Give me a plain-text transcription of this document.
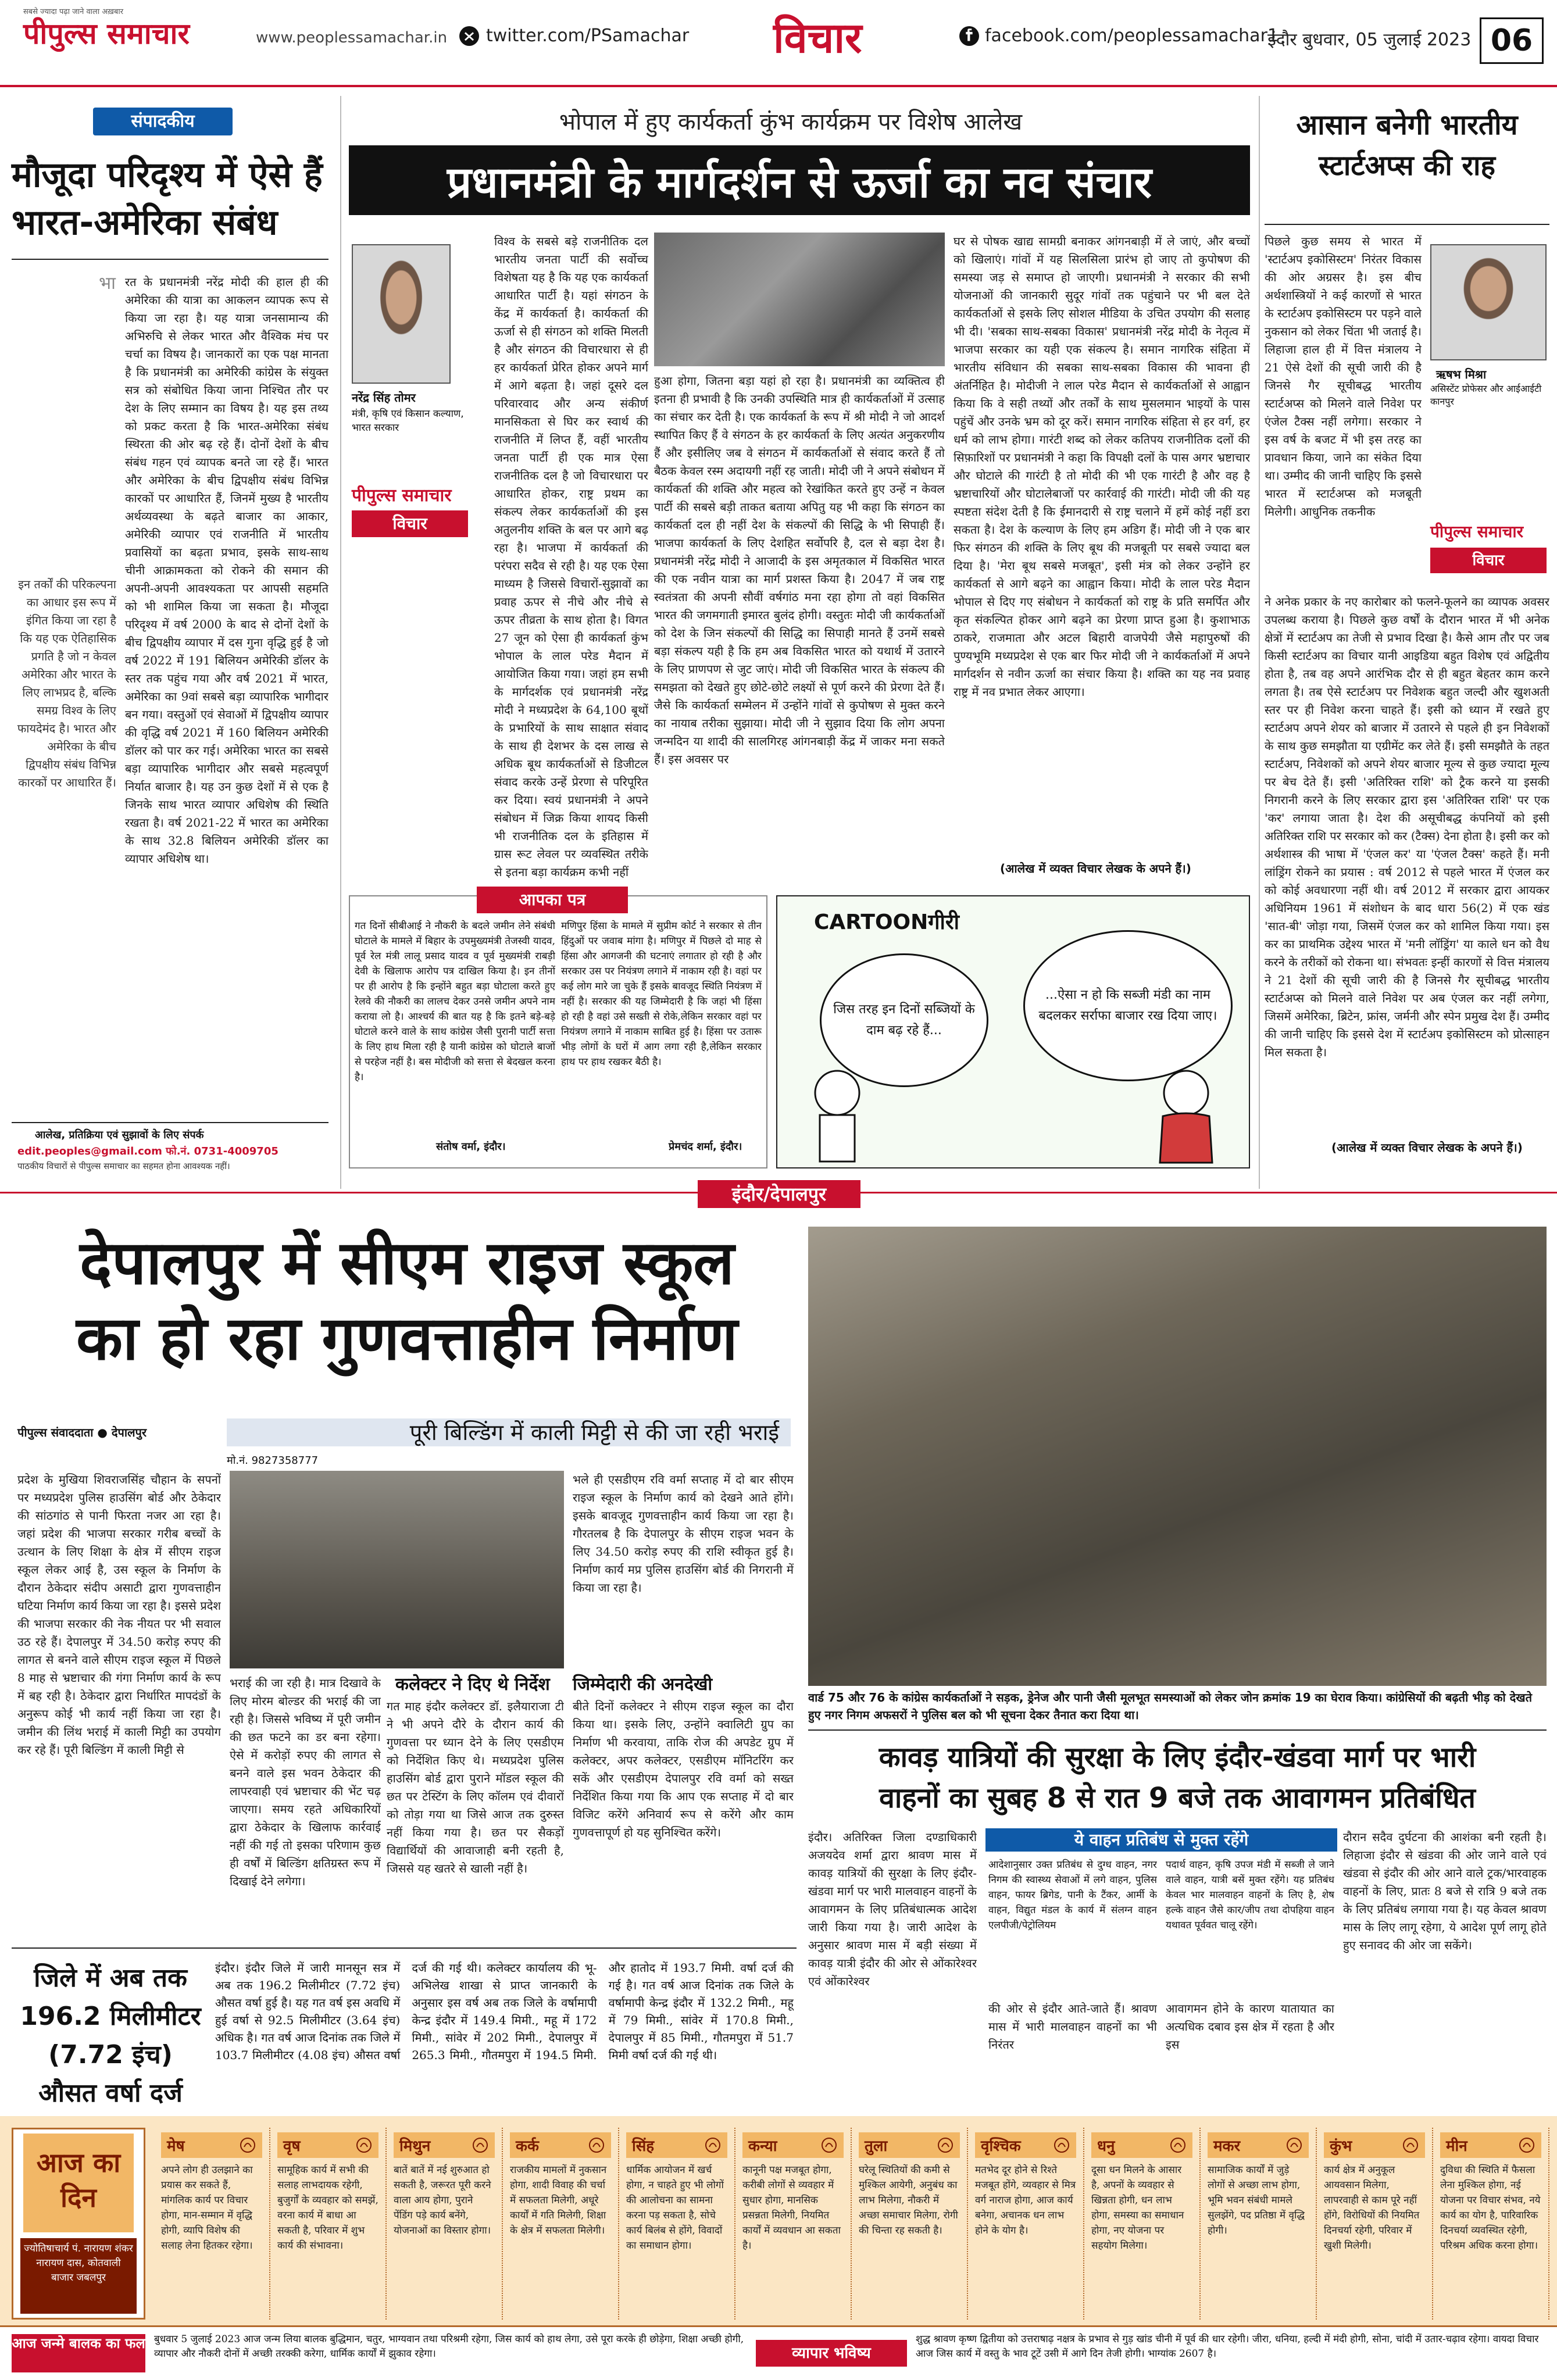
सबसे ज्यादा पढ़ा जाने वाला अख़बार
पीपुल्स समाचार	www.peoplessamachar.in twitter.com/PSamachar विचार	facebook.com/peoplessamachar1
इंदौर बुधवार, 05 जुलाई 2023 06
संपादकीय
मौजूदा परिदृश्य में ऐसे हैं भारत-अमेरिका संबंध
भा रत के प्रधानमंत्री नरेंद्र मोदी की हाल ही की अमेरिका की यात्रा का आकलन व्यापक रूप से किया जा रहा है। यह यात्रा जनसामान्य की अभिरुचि से लेकर भारत और वैश्विक मंच पर चर्चा का विषय है। जानकारों का एक पक्ष मानता है कि प्रधानमंत्री का अमेरिकी कांग्रेस के संयुक्त सत्र को संबोधित किया जाना निश्चित तौर पर देश के लिए सम्मान का विषय है। यह इस तथ्य को प्रकट करता है कि भारत-अमेरिका संबंध स्थिरता की ओर बढ़ रहे हैं। दोनों देशों के बीच संबंध गहन एवं व्यापक बनते जा रहे हैं। भारत और अमेरिका के बीच द्विपक्षीय संबंध विभिन्न कारकों पर आधारित हैं, जिनमें मुख्य है भारतीय अर्थव्यवस्था के बढ़ते बाजार का आकार, अमेरिकी व्यापार एवं राजनीति में भारतीय प्रवासियों का बढ़ता प्रभाव, इसके साथ-साथ चीनी आक्रामकता को रोकने की समान की अपनी-अपनी आवश्यकता पर आपसी सहमति को भी शामिल किया जा सकता है। मौजूदा परिदृश्य में वर्ष 2000 के बाद से दोनों देशों के बीच द्विपक्षीय व्यापार में दस गुना वृद्धि हुई है जो वर्ष 2022 में 191 बिलियन अमेरिकी डॉलर के स्तर तक पहुंच गया और वर्ष 2021 में भारत, अमेरिका का 9वां सबसे बड़ा व्यापारिक भागीदार बन गया। वस्तुओं एवं सेवाओं में द्विपक्षीय व्यापार की वृद्धि वर्ष 2021 में 160 बिलियन अमेरिकी डॉलर को पार कर गई। अमेरिका भारत का सबसे बड़ा व्यापारिक भागीदार और सबसे महत्वपूर्ण निर्यात बाजार है। यह उन कुछ देशों में से एक है जिनके साथ भारत व्यापार अधिशेष की स्थिति रखता है। वर्ष 2021-22 में भारत का अमेरिका के साथ 32.8 बिलियन अमेरिकी डॉलर का व्यापार अधिशेष था।
इन तर्कों की परिकल्पना का आधार इस रूप में इंगित किया जा रहा है कि यह एक ऐतिहासिक प्रगति है जो न केवल अमेरिका और भारत के लिए लाभप्रद है, बल्कि समग्र विश्व के लिए फायदेमंद है। भारत और अमेरिका के बीच द्विपक्षीय संबंध विभिन्न कारकों पर आधारित हैं।
आलेख, प्रतिक्रिया एवं सुझावों के लिए संपर्क
edit.peoples@gmail.com फो.नं. 0731-4009705
पाठकीय विचारों से पीपुल्स समाचार का सहमत होना आवश्यक नहीं।
भोपाल में हुए कार्यकर्ता कुंभ कार्यक्रम पर विशेष आलेख
प्रधानमंत्री के मार्गदर्शन से ऊर्जा का नव संचार
नरेंद्र सिंह तोमर
मंत्री, कृषि एवं किसान कल्याण, भारत सरकार
पीपुल्स समाचार
विचार
विश्व के सबसे बड़े राजनीतिक दल भारतीय जनता पार्टी की सर्वोच्च विशेषता यह है कि यह एक कार्यकर्ता आधारित पार्टी है। यहां संगठन के केंद्र में कार्यकर्ता है। कार्यकर्ता की ऊर्जा से ही संगठन को शक्ति मिलती है और संगठन की विचारधारा से ही हर कार्यकर्ता प्रेरित होकर अपने मार्ग में आगे बढ़ता है। जहां दूसरे दल परिवारवाद और अन्य संकीर्ण मानसिकता से घिर कर स्वार्थ की राजनीति में लिप्त हैं, वहीं भारतीय जनता पार्टी ही एक मात्र ऐसा राजनीतिक दल है जो विचारधारा पर आधारित होकर, राष्ट्र प्रथम का संकल्प लेकर कार्यकर्ताओं की इस अतुलनीय शक्ति के बल पर आगे बढ़ रहा है। भाजपा में कार्यकर्ता की परंपरा सदैव से रही है। यह एक ऐसा माध्यम है जिससे विचारों-सुझावों का प्रवाह ऊपर से नीचे और नीचे से ऊपर तीव्रता के साथ होता है। विगत 27 जून को ऐसा ही कार्यकर्ता कुंभ भोपाल के लाल परेड मैदान में आयोजित किया गया। जहां हम सभी के मार्गदर्शक एवं प्रधानमंत्री नरेंद्र मोदी ने मध्यप्रदेश के 64,100 बूथों के प्रभारियों के साथ साक्षात संवाद के साथ ही देशभर के दस लाख से अधिक बूथ कार्यकर्ताओं से डिजीटल संवाद करके उन्हें प्रेरणा से परिपूरित कर दिया। स्वयं प्रधानमंत्री ने अपने संबोधन में जिक्र किया शायद किसी भी राजनीतिक दल के इतिहास में ग्रास रूट लेवल पर व्यवस्थित तरीके से इतना बड़ा कार्यक्रम कभी नहीं
हुआ होगा, जितना बड़ा यहां हो रहा है। प्रधानमंत्री का व्यक्तित्व ही इतना ही प्रभावी है कि उनकी उपस्थिति मात्र ही कार्यकर्ताओं में उत्साह का संचार कर देती है। एक कार्यकर्ता के रूप में श्री मोदी ने जो आदर्श स्थापित किए हैं वे संगठन के हर कार्यकर्ता के लिए अत्यंत अनुकरणीय हैं और इसीलिए जब वे संगठन में कार्यकर्ताओं से संवाद करते हैं तो बैठक केवल रस्म अदायगी नहीं रह जाती। मोदी जी ने अपने संबोधन में कार्यकर्ता की शक्ति और महत्व को रेखांकित करते हुए उन्हें न केवल पार्टी की सबसे बड़ी ताकत बताया अपितु यह भी कहा कि संगठन का कार्यकर्ता दल ही नहीं देश के संकल्पों की सिद्धि के भी सिपाही हैं। भाजपा कार्यकर्ता के लिए देशहित सर्वोपरि है, दल से बड़ा देश है। प्रधानमंत्री नरेंद्र मोदी ने आजादी के इस अमृतकाल में विकसित भारत की एक नवीन यात्रा का मार्ग प्रशस्त किया है। 2047 में जब राष्ट्र स्वतंत्रता की अपनी सौवीं वर्षगांठ मना रहा होगा तो वहां विकसित भारत की जगमगाती इमारत बुलंद होगी। वस्तुतः मोदी जी कार्यकर्ताओं को देश के जिन संकल्पों की सिद्धि का सिपाही मानते हैं उनमें सबसे बड़ा संकल्प यही है कि हम अब विकसित भारत को यथार्थ में उतारने के लिए प्राणपण से जुट जाएं। मोदी जी विकसित भारत के संकल्प की समझता को देखते हुए छोटे-छोटे लक्ष्यों से पूर्ण करने की प्रेरणा देते हैं। जैसे कि कार्यकर्ता सम्मेलन में उन्होंने गांवों से कुपोषण से मुक्त करने का नायाब तरीका सुझाया। मोदी जी ने सुझाव दिया कि लोग अपना जन्मदिन या शादी की सालगिरह आंगनबाड़ी केंद्र में जाकर मना सकते हैं। इस अवसर पर
घर से पोषक खाद्य सामग्री बनाकर आंगनबाड़ी में ले जाएं, और बच्चों को खिलाएं। गांवों में यह सिलसिला प्रारंभ हो जाए तो कुपोषण की समस्या जड़ से समाप्त हो जाएगी। प्रधानमंत्री ने सरकार की सभी योजनाओं की जानकारी सुदूर गांवों तक पहुंचाने पर भी बल देते कार्यकर्ताओं से इसके लिए सोशल मीडिया के उचित उपयोग की सलाह भी दी। 'सबका साथ-सबका विकास' प्रधानमंत्री नरेंद्र मोदी के नेतृत्व में भाजपा सरकार का यही एक संकल्प है। समान नागरिक संहिता में भारतीय संविधान की सबका साथ-सबका विकास की भावना ही अंतर्निहित है। मोदीजी ने लाल परेड मैदान से कार्यकर्ताओं से आह्वान किया कि वे सही तथ्यों और तर्कों के साथ मुसलमान भाइयों के पास पहुंचें और उनके भ्रम को दूर करें। समान नागरिक संहिता से हर वर्ग, हर धर्म को लाभ होगा। गारंटी शब्द को लेकर कतिपय राजनीतिक दलों की सिफ़ारिशों पर प्रधानमंत्री ने कहा कि विपक्षी दलों के पास अगर भ्रष्टाचार और घोटाले की गारंटी है तो मोदी की भी एक गारंटी है और वह है भ्रष्टाचारियों और घोटालेबाजों पर कार्रवाई की गारंटी। मोदी जी की यह स्पष्टता संदेश देती है कि ईमानदारी से राष्ट्र चलाने में हमें कोई नहीं डरा सकता है। देश के कल्याण के लिए हम अडिग हैं। मोदी जी ने एक बार फिर संगठन की शक्ति के लिए बूथ की मजबूती पर सबसे ज्यादा बल दिया है। 'मेरा बूथ सबसे मजबूत', इसी मंत्र को लेकर उन्होंने हर कार्यकर्ता से आगे बढ़ने का आह्वान किया। मोदी के लाल परेड मैदान भोपाल से दिए गए संबोधन ने कार्यकर्ता को राष्ट्र के प्रति समर्पित और कृत संकल्पित होकर आगे बढ़ने का प्रेरणा प्राप्त हुआ है। कुशाभाऊ ठाकरे, राजमाता और अटल बिहारी वाजपेयी जैसे महापुरुषों की पुण्यभूमि मध्यप्रदेश से एक बार फिर मोदी जी ने कार्यकर्ताओं में अपने मार्गदर्शन से नवीन ऊर्जा का संचार किया है। शक्ति का यह नव प्रवाह राष्ट्र में नव प्रभात लेकर आएगा।
(आलेख में व्यक्त विचार लेखक के अपने हैं।)
आसान बनेगी भारतीय स्टार्टअप्स की राह
पिछले कुछ समय से भारत में 'स्टार्टअप इकोसिस्टम' निरंतर विकास की ओर अग्रसर है। इस बीच अर्थशास्त्रियों ने कई कारणों से भारत के स्टार्टअप इकोसिस्टम पर पड़ने वाले नुकसान को लेकर चिंता भी जताई है। लिहाजा हाल ही में वित्त मंत्रालय ने 21 ऐसे देशों की सूची जारी की है जिनसे गैर सूचीबद्ध भारतीय स्टार्टअप्स को मिलने वाले निवेश पर एंजेल टैक्स नहीं लगेगा। सरकार ने इस वर्ष के बजट में भी इस तरह का प्रावधान किया, जाने का संकेत दिया था। उम्मीद की जानी चाहिए कि इससे भारत में स्टार्टअप्स को मजबूती मिलेगी। आधुनिक तकनीक
ऋषभ मिश्रा
असिस्टेंट प्रोफेसर और आईआईटी कानपुर
पीपुल्स समाचार
विचार
ने अनेक प्रकार के नए कारोबार को फलने-फूलने का व्यापक अवसर उपलब्ध कराया है। पिछले कुछ वर्षों के दौरान भारत में भी अनेक क्षेत्रों में स्टार्टअप का तेजी से प्रभाव दिखा है। कैसे आम तौर पर जब किसी स्टार्टअप का विचार यानी आइडिया बहुत विशेष एवं अद्वितीय होता है, तब वह अपने आरंभिक दौर से ही बहुत बेहतर काम करने लगता है। तब ऐसे स्टार्टअप पर निवेशक बहुत जल्दी और खुशअती स्तर पर ही निवेश करना चाहते हैं। इसी को ध्यान में रखते हुए स्टार्टअप अपने शेयर को बाजार में उतारने से पहले ही इन निवेशकों के साथ कुछ समझौता या एग्रीमेंट कर लेते हैं। इसी समझौते के तहत स्टार्टअप, निवेशकों को अपने शेयर बाजार मूल्य से कुछ ज्यादा मूल्य पर बेच देते हैं। इसी 'अतिरिक्त राशि' को ट्रैक करने या इसकी निगरानी करने के लिए सरकार द्वारा इस 'अतिरिक्त राशि' पर एक 'कर' लगाया जाता है। देश की असूचीबद्ध कंपनियों को इसी अतिरिक्त राशि पर सरकार को कर (टैक्स) देना होता है। इसी कर को अर्थशास्त्र की भाषा में 'एंजल कर' या 'एंजल टैक्स' कहते हैं। मनी लांड्रिंग रोकने का प्रयास : वर्ष 2012 से पहले भारत में एंजल कर को कोई अवधारणा नहीं थी। वर्ष 2012 में सरकार द्वारा आयकर अधिनियम 1961 में संशोधन के बाद धारा 56(2) में एक खंड 'सात-बी' जोड़ा गया, जिसमें एंजल कर को शामिल किया गया। इस कर का प्राथमिक उद्देश्य भारत में 'मनी लॉड्रिंग' या काले धन को वैध करने के तरीकों को रोकना था। संभवतः इन्हीं कारणों से वित्त मंत्रालय ने 21 देशों की सूची जारी की है जिनसे गैर सूचीबद्ध भारतीय स्टार्टअप्स को मिलने वाले निवेश पर अब एंजल कर नहीं लगेगा, जिसमें अमेरिका, ब्रिटेन, फ्रांस, जर्मनी और स्पेन प्रमुख देश हैं। उम्मीद की जानी चाहिए कि इससे देश में स्टार्टअप इकोसिस्टम को प्रोत्साहन मिल सकता है।
(आलेख में व्यक्त विचार लेखक के अपने हैं।)
आपका पत्र
गत दिनों सीबीआई ने नौकरी के बदले जमीन लेने संबंधी घोटाले के मामले में बिहार के उपमुख्यमंत्री तेजस्वी यादव, पूर्व रेल मंत्री लालू प्रसाद यादव व पूर्व मुख्यमंत्री राबड़ी देवी के खिलाफ आरोप पत्र दाखिल किया है। इन तीनों पर ही आरोप है कि इन्होंने बहुत बड़ा घोटाला करते हुए रेलवे की नौकरी का लालच देकर उनसे जमीन अपने नाम कराया लो है। आश्चर्य की बात यह है कि इतने बड़े-बड़े घोटाले करने वाले के साथ कांग्रेस जैसी पुरानी पार्टी सत्ता के लिए हाथ मिला रही है यानी कांग्रेस को घोटाले बाजों से परहेज नहीं है। बस मोदीजी को सत्ता से बेदखल करना है।
संतोष वर्मा, इंदौर।
मणिपुर हिंसा के मामले में सुप्रीम कोर्ट ने सरकार से तीन हिंदुओं पर जवाब मांगा है। मणिपुर में पिछले दो माह से हिंसा और आगजनी की घटनाएं लगातार हो रही है और सरकार उस पर नियंत्रण लगाने में नाकाम रही है। वहां पर कई लोग मारे जा चुके हैं इसके बावजूद स्थिति नियंत्रण में नहीं है। सरकार की यह जिम्मेदारी है कि जहां भी हिंसा हो रही है वहां उसे सख्ती से रोके,लेकिन सरकार वहां पर नियंत्रण लगाने में नाकाम साबित हुई है। हिंसा पर उतारू भीड़ लोगों के घरों में आग लगा रही है,लेकिन सरकार हाथ पर हाथ रखकर बैठी है।
प्रेमचंद शर्मा, इंदौर।
CARTOONगीरी
जिस तरह इन दिनों सब्जियों के दाम बढ़ रहे हैं...
...ऐसा न हो कि सब्जी मंडी का नाम बदलकर सर्राफा बाजार रख दिया जाए।
इंदौर/देपालपुर
देपालपुर में सीएम राइज स्कूल
का हो रहा गुणवत्ताहीन निर्माण
पीपुल्स संवाददाता ● देपालपुर	पूरी बिल्डिंग में काली मिट्टी से की जा रही भराई
मो.नं. 9827358777
प्रदेश के मुखिया शिवराजसिंह चौहान के सपनों पर मध्यप्रदेश पुलिस हाउसिंग बोर्ड और ठेकेदार की सांठगांठ से पानी फिरता नजर आ रहा है। जहां प्रदेश की भाजपा सरकार गरीब बच्चों के उत्थान के लिए शिक्षा के क्षेत्र में सीएम राइज स्कूल लेकर आई है, उस स्कूल के निर्माण के दौरान ठेकेदार संदीप असाटी द्वारा गुणवत्ताहीन घटिया निर्माण कार्य किया जा रहा है। इससे प्रदेश की भाजपा सरकार की नेक नीयत पर भी सवाल उठ रहे हैं। देपालपुर में 34.50 करोड़ रुपए की लागत से बनने वाले सीएम राइज स्कूल में पिछले 8 माह से भ्रष्टाचार की गंगा निर्माण कार्य के रूप में बह रही है। ठेकेदार द्वारा निर्धारित मापदंडों के अनुरूप कोई भी कार्य नहीं किया जा रहा है। जमीन की लिंथ भराई में काली मिट्टी का उपयोग कर रहे हैं। पूरी बिल्डिंग में काली मिट्टी से
भराई की जा रही है। मात्र दिखावे के लिए मोरम बोल्डर की भराई की जा रही है। जिससे भविष्य में पूरी जमीन की छत फटने का डर बना रहेगा। ऐसे में करोड़ों रुपए की लागत से बनने वाले इस भवन ठेकेदार की लापरवाही एवं भ्रष्टाचार की भेंट चढ़ जाएगा। समय रहते अधिकारियों द्वारा ठेकेदार के खिलाफ कार्रवाई नहीं की गई तो इसका परिणाम कुछ ही वर्षों में बिल्डिंग क्षतिग्रस्त रूप में दिखाई देने लगेगा।
कलेक्टर ने दिए थे निर्देश
गत माह इंदौर कलेक्टर डॉ. इलैयाराजा टी ने भी अपने दौरे के दौरान कार्य की गुणवत्ता पर ध्यान देने के लिए एसडीएम को निर्देशित किए थे। मध्यप्रदेश पुलिस हाउसिंग बोर्ड द्वारा पुराने मॉडल स्कूल की छत पर टेस्टिंग के लिए कॉलम एवं दीवारों को तोड़ा गया था जिसे आज तक दुरुस्त नहीं किया गया है। छत पर सैकड़ों विद्यार्थियों की आवाजाही बनी रहती है, जिससे यह खतरे से खाली नहीं है।
भले ही एसडीएम रवि वर्मा सप्ताह में दो बार सीएम राइज स्कूल के निर्माण कार्य को देखने आते होंगे। इसके बावजूद गुणवत्ताहीन कार्य किया जा रहा है। गौरतलब है कि देपालपुर के सीएम राइज भवन के लिए 34.50 करोड़ रुपए की राशि स्वीकृत हुई है। निर्माण कार्य मप्र पुलिस हाउसिंग बोर्ड की निगरानी में किया जा रहा है।
जिम्मेदारी की अनदेखी
बीते दिनों कलेक्टर ने सीएम राइज स्कूल का दौरा किया था। इसके लिए, उन्होंने क्वालिटी ग्रुप का निर्माण भी करवाया, ताकि रोज की अपडेट ग्रुप में कलेक्टर, अपर कलेक्टर, एसडीएम मॉनिटरिंग कर सकें और एसडीएम देपालपुर रवि वर्मा को सख्त निर्देशित किया गया कि आप एक सप्ताह में दो बार विजिट करेंगे अनिवार्य रूप से करेंगे और काम गुणवत्तापूर्ण हो यह सुनिश्चित करेंगे।
जिले में अब तक 196.2 मिलीमीटर (7.72 इंच) औसत वर्षा दर्ज
इंदौर। इंदौर जिले में जारी मानसून सत्र में अब तक 196.2 मिलीमीटर (7.72 इंच) औसत वर्षा हुई है। यह गत वर्ष इस अवधि में हुई वर्षा से 92.5 मिलीमीटर (3.64 इंच) अधिक है। गत वर्ष आज दिनांक तक जिले में 103.7 मिलीमीटर (4.08 इंच) औसत वर्षा दर्ज की गई थी। कलेक्टर कार्यालय की भू-अभिलेख शाखा से प्राप्त जानकारी के अनुसार इस वर्ष अब तक जिले के वर्षामापी केन्द्र इंदौर में 149.4 मिमी., महू में 172 मिमी., सांवेर में 202 मिमी., देपालपुर में 265.3 मिमी., गौतमपुरा में 194.5 मिमी. और हातोद में 193.7 मिमी. वर्षा दर्ज की गई है। गत वर्ष आज दिनांक तक जिले के वर्षामापी केन्द्र इंदौर में 132.2 मिमी., महू में 79 मिमी., सांवेर में 170.8 मिमी., देपालपुर में 85 मिमी., गौतमपुरा में 51.7 मिमी वर्षा दर्ज की गई थी।
वार्ड 75 और 76 के कांग्रेस कार्यकर्ताओं ने सड़क, ड्रेनेज और पानी जैसी मूलभूत समस्याओं को लेकर जोन क्रमांक 19 का घेराव किया। कांग्रेसियों की बढ़ती भीड़ को देखते हुए नगर निगम अफसरों ने पुलिस बल को भी सूचना देकर तैनात करा दिया था।
कावड़ यात्रियों की सुरक्षा के लिए इंदौर-खंडवा मार्ग पर भारी
वाहनों का सुबह 8 से रात 9 बजे तक आवागमन प्रतिबंधित
इंदौर। अतिरिक्त जिला दण्डाधिकारी अजयदेव शर्मा द्वारा श्रावण मास में कावड़ यात्रियों की सुरक्षा के लिए इंदौर-खंडवा मार्ग पर भारी मालवाहन वाहनों के आवागमन के लिए प्रतिबंधात्मक आदेश जारी किया गया है। जारी आदेश के अनुसार श्रावण मास में बड़ी संख्या में कावड़ यात्री इंदौर की ओर से ओंकारेश्वर एवं ओंकारेश्वर
ये वाहन प्रतिबंध से मुक्त रहेंगे
आदेशानुसार उक्त प्रतिबंध से दुग्ध वाहन, नगर निगम की स्वास्थ्य सेवाओं में लगे वाहन, पुलिस वाहन, फायर ब्रिगेड, पानी के टैंकर, आर्मी के वाहन, विद्युत मंडल के कार्य में संलग्न वाहन एलपीजी/पेट्रोलियम
पदार्थ वाहन, कृषि उपज मंडी में सब्जी ले जाने वाले वाहन, यात्री बसें मुक्त रहेंगे। यह प्रतिबंध केवल भार मालवाहन वाहनों के लिए है, शेष हल्के वाहन जैसे कार/जीप तथा दोपहिया वाहन यथावत पूर्ववत चालू रहेंगे।
की ओर से इंदौर आते-जाते हैं। श्रावण मास में भारी मालवाहन वाहनों का भी निरंतर
आवागमन होने के कारण यातायात का अत्यधिक दबाव इस क्षेत्र में रहता है और इस
दौरान सदैव दुर्घटना की आशंका बनी रहती है। लिहाजा इंदौर से खंडवा की ओर जाने वाले एवं खंडवा से इंदौर की ओर आने वाले ट्रक/भारवाहक वाहनों के लिए, प्रातः 8 बजे से रात्रि 9 बजे तक के लिए प्रतिबंध लगाया गया है। यह केवल श्रावण मास के लिए लागू रहेगा, ये आदेश पूर्ण लागू होते हुए सनावद की ओर जा सकेंगे।
आज का दिन
ज्योतिषाचार्य पं. नारायण शंकर नारायण दास, कोतवाली बाजार जबलपुर
मेष
अपने लोग ही उलझाने का प्रयास कर सकते हैं, मांगलिक कार्य पर विचार होगा, मान-सम्मान में वृद्धि होगी, व्यापि विशेष की सलाह लेना हितकर रहेगा।
वृष
सामूहिक कार्य में सभी की सलाह लाभदायक रहेगी, बुजुर्गों के व्यवहार को समझें, वरना कार्य में बाधा आ सकती है, परिवार में शुभ कार्य की संभावना।
मिथुन
बातें बातें में नई शुरुआत हो सकती है, जरूरत पूरी करने वाला आय होगा, पुराने पेंडिंग पड़े कार्य बनेंगे, योजनाओं का विस्तार होगा।
कर्क
राजकीय मामलों में नुकसान होगा, शादी विवाह की चर्चा में सफलता मिलेगी, अधूरे कार्यों में गति मिलेगी, शिक्षा के क्षेत्र में सफलता मिलेगी।
सिंह
धार्मिक आयोजन में खर्च होगा, न चाहते हुए भी लोगों की आलोचना का सामना करना पड़ सकता है, सोचे कार्य बिलंब से होंगे, विवादों का समाधान होगा।
कन्या
कानूनी पक्ष मजबूत होगा, करीबी लोगों से व्यवहार में सुधार होगा, मानसिक प्रसन्नता मिलेगी, नियमित कार्यों में व्यवधान आ सकता है।
तुला
घरेलू स्थितियों की कमी से मुश्किल आयेगी, अनुबंध का लाभ मिलेगा, नौकरी में अच्छा समाचार मिलेगा, रोगी की चिन्ता रह सकती है।
वृश्चिक
मतभेद दूर होने से रिश्ते मजबूत होंगे, व्यवहार से मित्र वर्ग नाराज होगा, आज कार्य बनेगा, अचानक धन लाभ होने के योग है।
धनु
दूसा धन मिलने के आसार है, अपनों के व्यवहार से खिन्नता होगी, धन लाभ होगा, समस्या का समाधान होगा, नए योजना पर सहयोग मिलेगा।
मकर
सामाजिक कार्यों में जुड़े लोगों से अच्छा लाभ होगा, भूमि भवन संबंधी मामले सुलझेंगे, पद प्रतिष्ठा में वृद्धि होगी।
कुंभ
कार्य क्षेत्र में अनुकूल आयवसान मिलेगा, लापरवाही से काम पूरे नहीं होंगे, विरोधियों की नियमित दिनचर्या रहेगी, परिवार में खुशी मिलेगी।
मीन
दुविधा की स्थिति में फैसला लेना मुश्किल होगा, नई योजना पर विचार संभव, नये कार्य का योग है, पारिवारिक दिनचर्या व्यवस्थित रहेगी, परिश्रम अधिक करना होगा।
आज जन्मे बालक का फल बुधवार 5 जुलाई 2023 आज जन्म लिया बालक बुद्धिमान, चतुर, भाग्यवान तथा परिश्रमी रहेगा, जिस कार्य को हाथ लेगा, उसे पूरा करके ही छोड़ेगा, शिक्षा अच्छी होगी, व्यापार और नौकरी दोनों में अच्छी तरक्की करेगा, धार्मिक कार्यों में झुकाव रहेगा।	व्यापार भविष्य
शुद्ध श्रावण कृष्ण द्वितीया को उत्तराषाढ़ नक्षत्र के प्रभाव से गुड़ खांड चीनी में पूर्व की धार रहेगी। जीरा, धनिया, हल्दी में मंदी होगी, सोना, चांदी में उतार-चढ़ाव रहेगा। वायदा विचार आज जिस कार्य में वस्तु के भाव टूटें उसी में आगे दिन तेजी होगी। भाग्यांक 2607 है।
